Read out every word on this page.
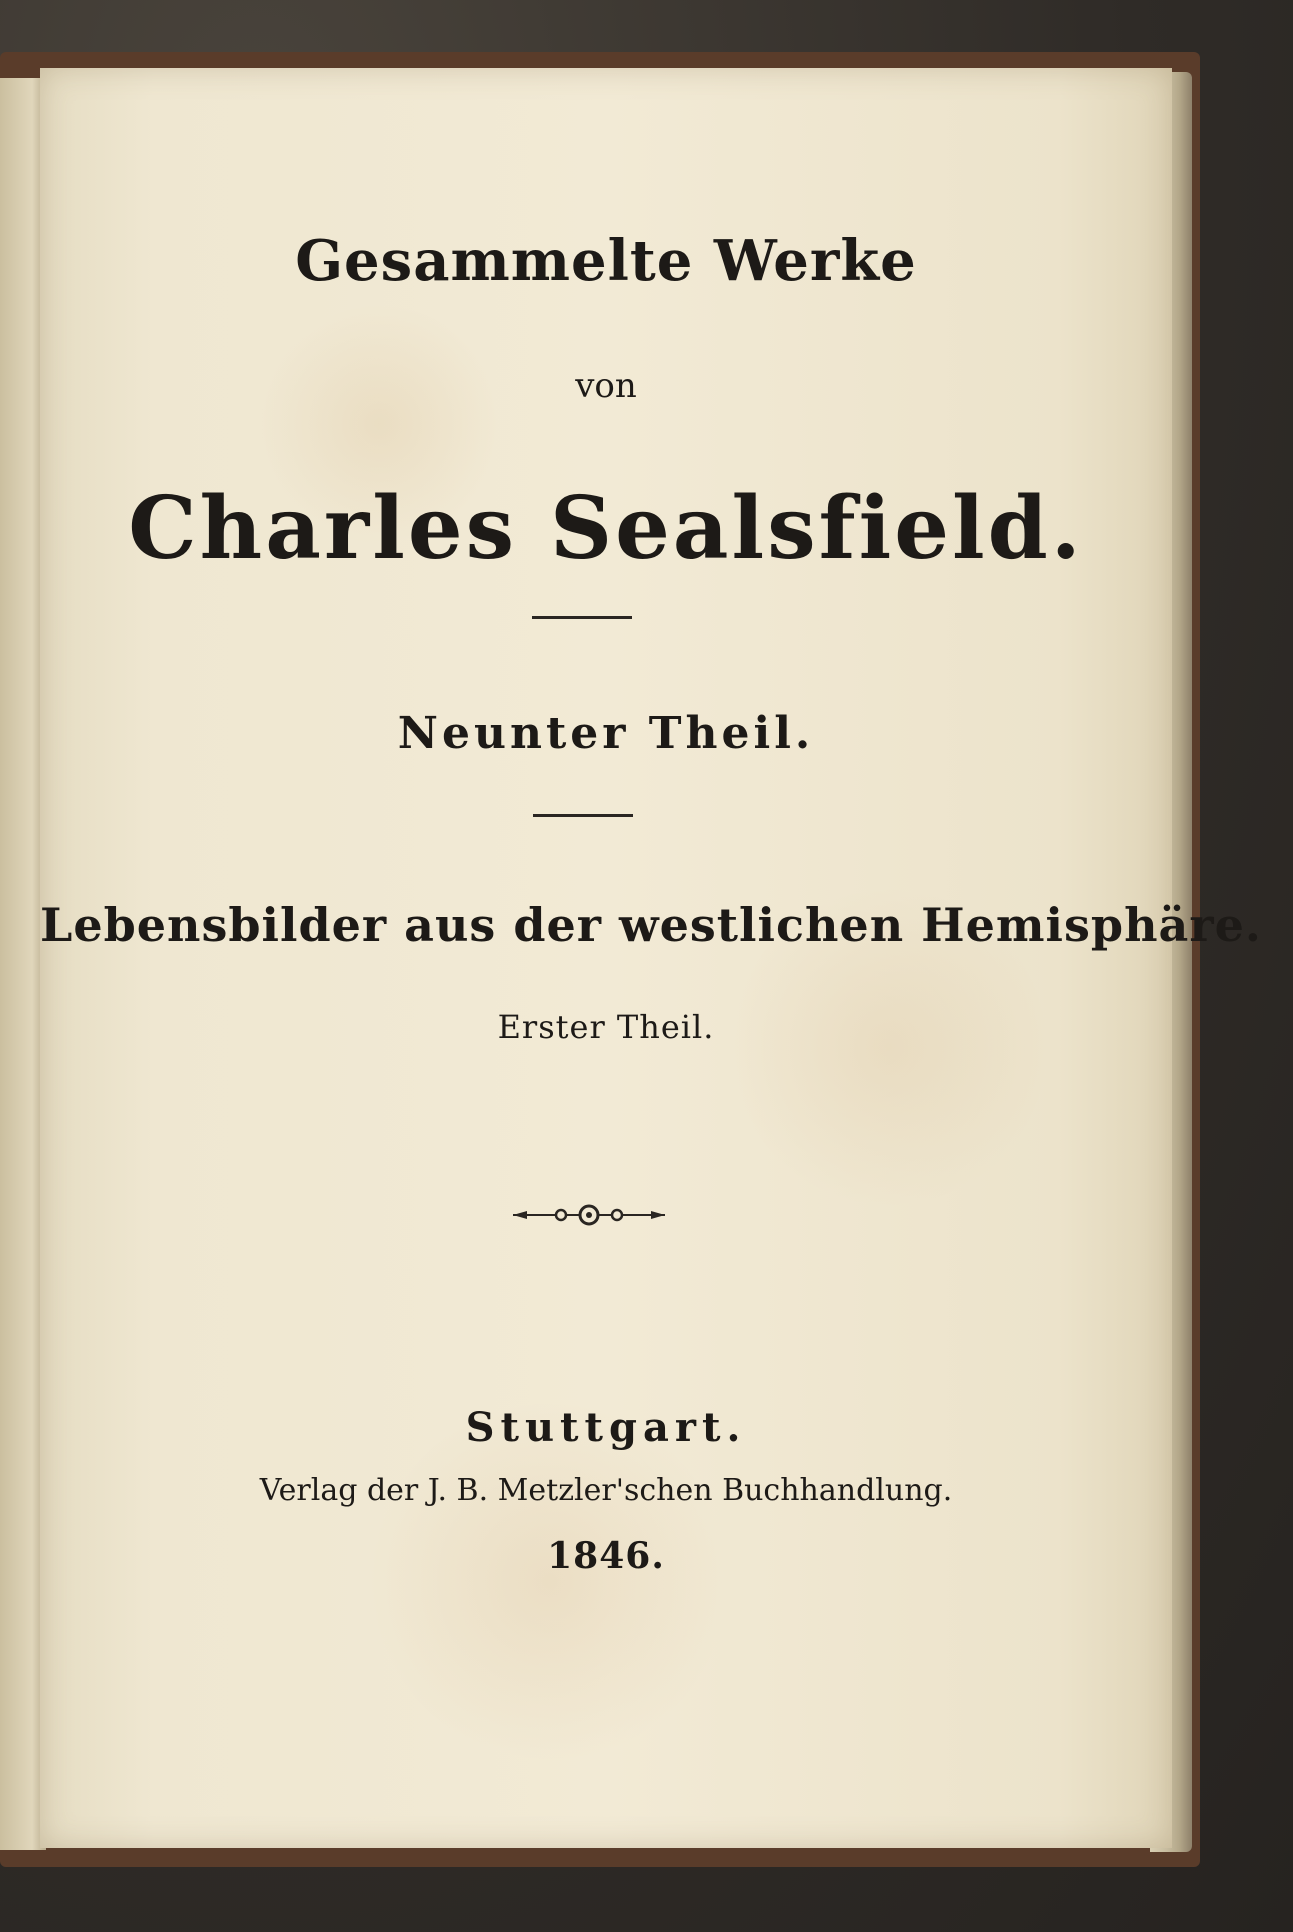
Gesammelte Werke

von

Charles Sealsfield.

Neunter Theil.

Lebensbilder aus der westlichen Hemisphäre.

Erster Theil.

Stuttgart.

Verlag der J. B. Metzler'schen Buchhandlung.

1846.
